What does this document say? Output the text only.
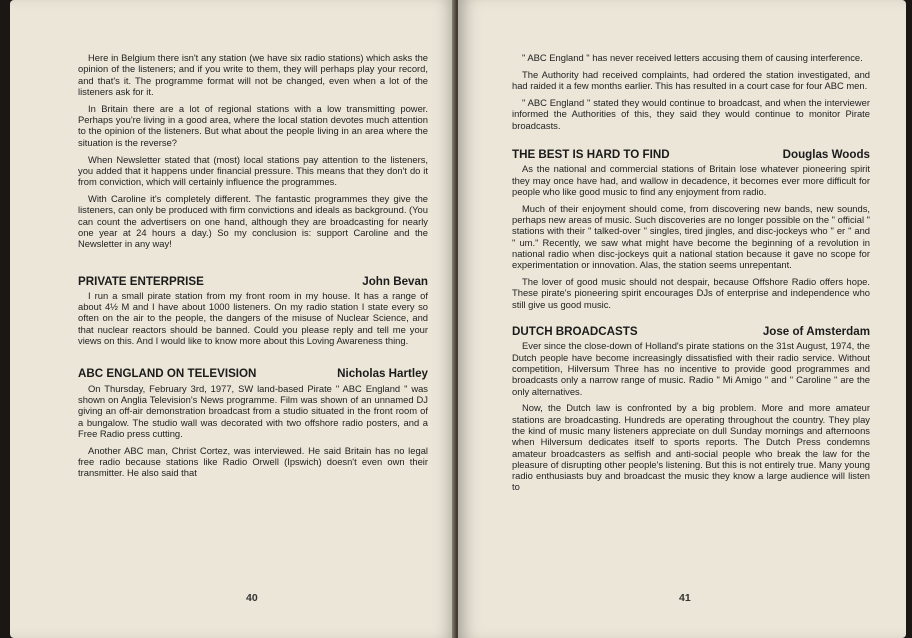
Here in Belgium there isn't any station (we have six radio stations) which asks the opinion of the listeners; and if you write to them, they will perhaps play your record, and that's it. The programme format will not be changed, even when a lot of the listeners ask for it.

In Britain there are a lot of regional stations with a low transmitting power. Perhaps you're living in a good area, where the local station devotes much attention to the opinion of the listeners. But what about the people living in an area where the situation is the reverse?

When Newsletter stated that (most) local stations pay attention to the listeners, you added that it happens under financial pressure. This means that they don't do it from conviction, which will certainly influence the programmes.

With Caroline it's completely different. The fantastic programmes they give the listeners, can only be produced with firm convictions and ideals as background. (You can count the advertisers on one hand, although they are broadcasting for nearly one year at 24 hours a day.) So my conclusion is: support Caroline and the Newsletter in any way!

PRIVATE ENTERPRISE	John Bevan

I run a small pirate station from my front room in my house. It has a range of about 4½ M and I have about 1000 listeners. On my radio station I state every so often on the air to the people, the dangers of the misuse of Nuclear Science, and that nuclear reactors should be banned. Could you please reply and tell me your views on this. And I would like to know more about this Loving Awareness thing.

ABC ENGLAND ON TELEVISION	Nicholas Hartley

On Thursday, February 3rd, 1977, SW land-based Pirate " ABC England " was shown on Anglia Television's News programme. Film was shown of an unnamed DJ giving an off-air demonstration broadcast from a studio situated in the front room of a bungalow. The studio wall was decorated with two offshore radio posters, and a Free Radio press cutting.

Another ABC man, Christ Cortez, was interviewed. He said Britain has no legal free radio because stations like Radio Orwell (Ipswich) doesn't even own their transmitter. He also said that

40

" ABC England " has never received letters accusing them of causing interference.

The Authority had received complaints, had ordered the station investigated, and had raided it a few months earlier. This has resulted in a court case for four ABC men.

" ABC England " stated they would continue to broadcast, and when the interviewer informed the Authorities of this, they said they would continue to monitor Pirate broadcasts.

THE BEST IS HARD TO FIND	Douglas Woods

As the national and commercial stations of Britain lose whatever pioneering spirit they may once have had, and wallow in decadence, it becomes ever more difficult for people who like good music to find any enjoyment from radio.

Much of their enjoyment should come, from discovering new bands, new sounds, perhaps new areas of music. Such discoveries are no longer possible on the " official " stations with their " talked-over " singles, tired jingles, and disc-jockeys who " er " and " um." Recently, we saw what might have become the beginning of a revolution in national radio when disc-jockeys quit a national station because it gave no scope for experimentation or innovation. Alas, the station seems unrepentant.

The lover of good music should not despair, because Offshore Radio offers hope. These pirate's pioneering spirit encourages DJs of enterprise and independence who still give us good music.

DUTCH BROADCASTS	Jose of Amsterdam

Ever since the close-down of Holland's pirate stations on the 31st August, 1974, the Dutch people have become increasingly dissatisfied with their radio service. Without competition, Hilversum Three has no incentive to provide good programmes and broadcasts only a narrow range of music. Radio " Mi Amigo " and " Caroline " are the only alternatives.

Now, the Dutch law is confronted by a big problem. More and more amateur stations are broadcasting. Hundreds are operating throughout the country. They play the kind of music many listeners appreciate on dull Sunday mornings and afternoons when Hilversum dedicates itself to sports reports. The Dutch Press condemns amateur broadcasters as selfish and anti-social people who break the law for the pleasure of disrupting other people's listening. But this is not entirely true. Many young radio enthusiasts buy and broadcast the music they know a large audience will listen to

41
